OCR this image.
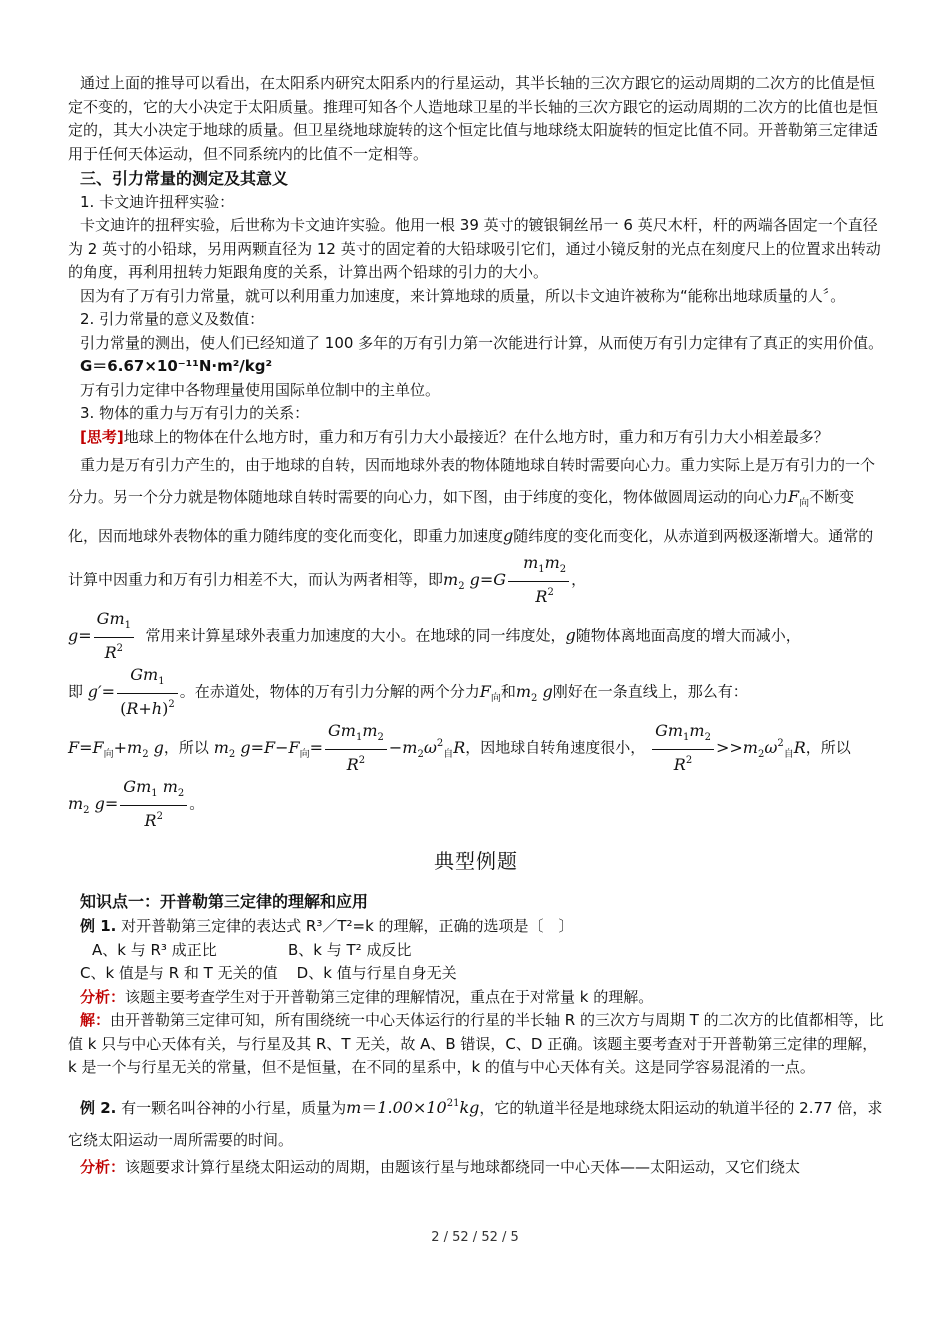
通过上面的推导可以看出，在太阳系内研究太阳系内的行星运动，其半长轴的三次方跟它的运动周期的二次方的比值是恒定不变的，它的大小决定于太阳质量。推理可知各个人造地球卫星的半长轴的三次方跟它的运动周期的二次方的比值也是恒定的，其大小决定于地球的质量。但卫星绕地球旋转的这个恒定比值与地球绕太阳旋转的恒定比值不同。开普勒第三定律适用于任何天体运动，但不同系统内的比值不一定相等。

三、引力常量的测定及其意义

1. 卡文迪许扭秤实验：

卡文迪许的扭秤实验，后世称为卡文迪许实验。他用一根 39 英寸的镀银铜丝吊一 6 英尺木杆，杆的两端各固定一个直径为 2 英寸的小铅球，另用两颗直径为 12 英寸的固定着的大铅球吸引它们，通过小镜反射的光点在刻度尺上的位置求出转动的角度，再利用扭转力矩跟角度的关系，计算出两个铅球的引力的大小。

因为有了万有引力常量，就可以利用重力加速度，来计算地球的质量，所以卡文迪许被称为“能称出地球质量的人〞。

2. 引力常量的意义及数值：

引力常量的测出，使人们已经知道了 100 多年的万有引力第一次能进行计算，从而使万有引力定律有了真正的实用价值。

G＝6.67×10⁻¹¹N·m²/kg²

万有引力定律中各物理量使用国际单位制中的主单位。

3. 物体的重力与万有引力的关系：

[思考]地球上的物体在什么地方时，重力和万有引力大小最接近？在什么地方时，重力和万有引力大小相差最多？

重力是万有引力产生的，由于地球的自转，因而地球外表的物体随地球自转时需要向心力。重力实际上是万有引力的一个分力。另一个分力就是物体随地球自转时需要的向心力，如下图，由于纬度的变化，物体做圆周运动的向心力$F_向$不断变化，因而地球外表物体的重力随纬度的变化而变化，即重力加速度g随纬度的变化而变化，从赤道到两极逐渐增大。通常的计算中因重力和万有引力相差不大，而认为两者相等，即$m_2$ $g=G \frac{m_1m_2}{R^2}$ ，

$g= \frac{Gm_1}{R^2}$ 常用来计算星球外表重力加速度的大小。在地球的同一纬度处，g随物体离地面高度的增大而减小，

即 $g'= \frac{Gm_1}{(R+h)^2}$ 。在赤道处，物体的万有引力分解的两个分力$F_向$和$m_2$ g刚好在一条直线上，那么有：

$F=F_向+m_2$ g，所以 $m_2$ $g=F-F_向= \frac{Gm_1m_2}{R^2} -m_2\omega^2_自R$，因地球自转角速度很小， $\frac{Gm_1m_2}{R^2} >>m_2\omega^2_自R$，所以

$m_2$ $g= \frac{Gm_1 m_2}{R^2}$ 。

典型例题

知识点一：开普勒第三定律的理解和应用

例 1. 对开普勒第三定律的表达式 R³／T²=k 的理解，正确的选项是〔　〕

A、k 与 R³ 成正比	B、k 与 T² 成反比

C、k 值是与 R 和 T 无关的值 D、k 值与行星自身无关

分析：该题主要考查学生对于开普勒第三定律的理解情况，重点在于对常量 k 的理解。

解：由开普勒第三定律可知，所有围绕统一中心天体运行的行星的半长轴 R 的三次方与周期 T 的二次方的比值都相等，比值 k 只与中心天体有关，与行星及其 R、T 无关，故 A、B 错误，C、D 正确。该题主要考查对于开普勒第三定律的理解，k 是一个与行星无关的常量，但不是恒量，在不同的星系中，k 的值与中心天体有关。这是同学容易混淆的一点。

例 2. 有一颗名叫谷神的小行星，质量为$m=1.00\times 10^{21}kg$，它的轨道半径是地球绕太阳运动的轨道半径的 2.77 倍，求它绕太阳运动一周所需要的时间。

分析：该题要求计算行星绕太阳运动的周期，由题该行星与地球都绕同一中心天体——太阳运动，又它们绕太

2 / 52 / 52 / 5
